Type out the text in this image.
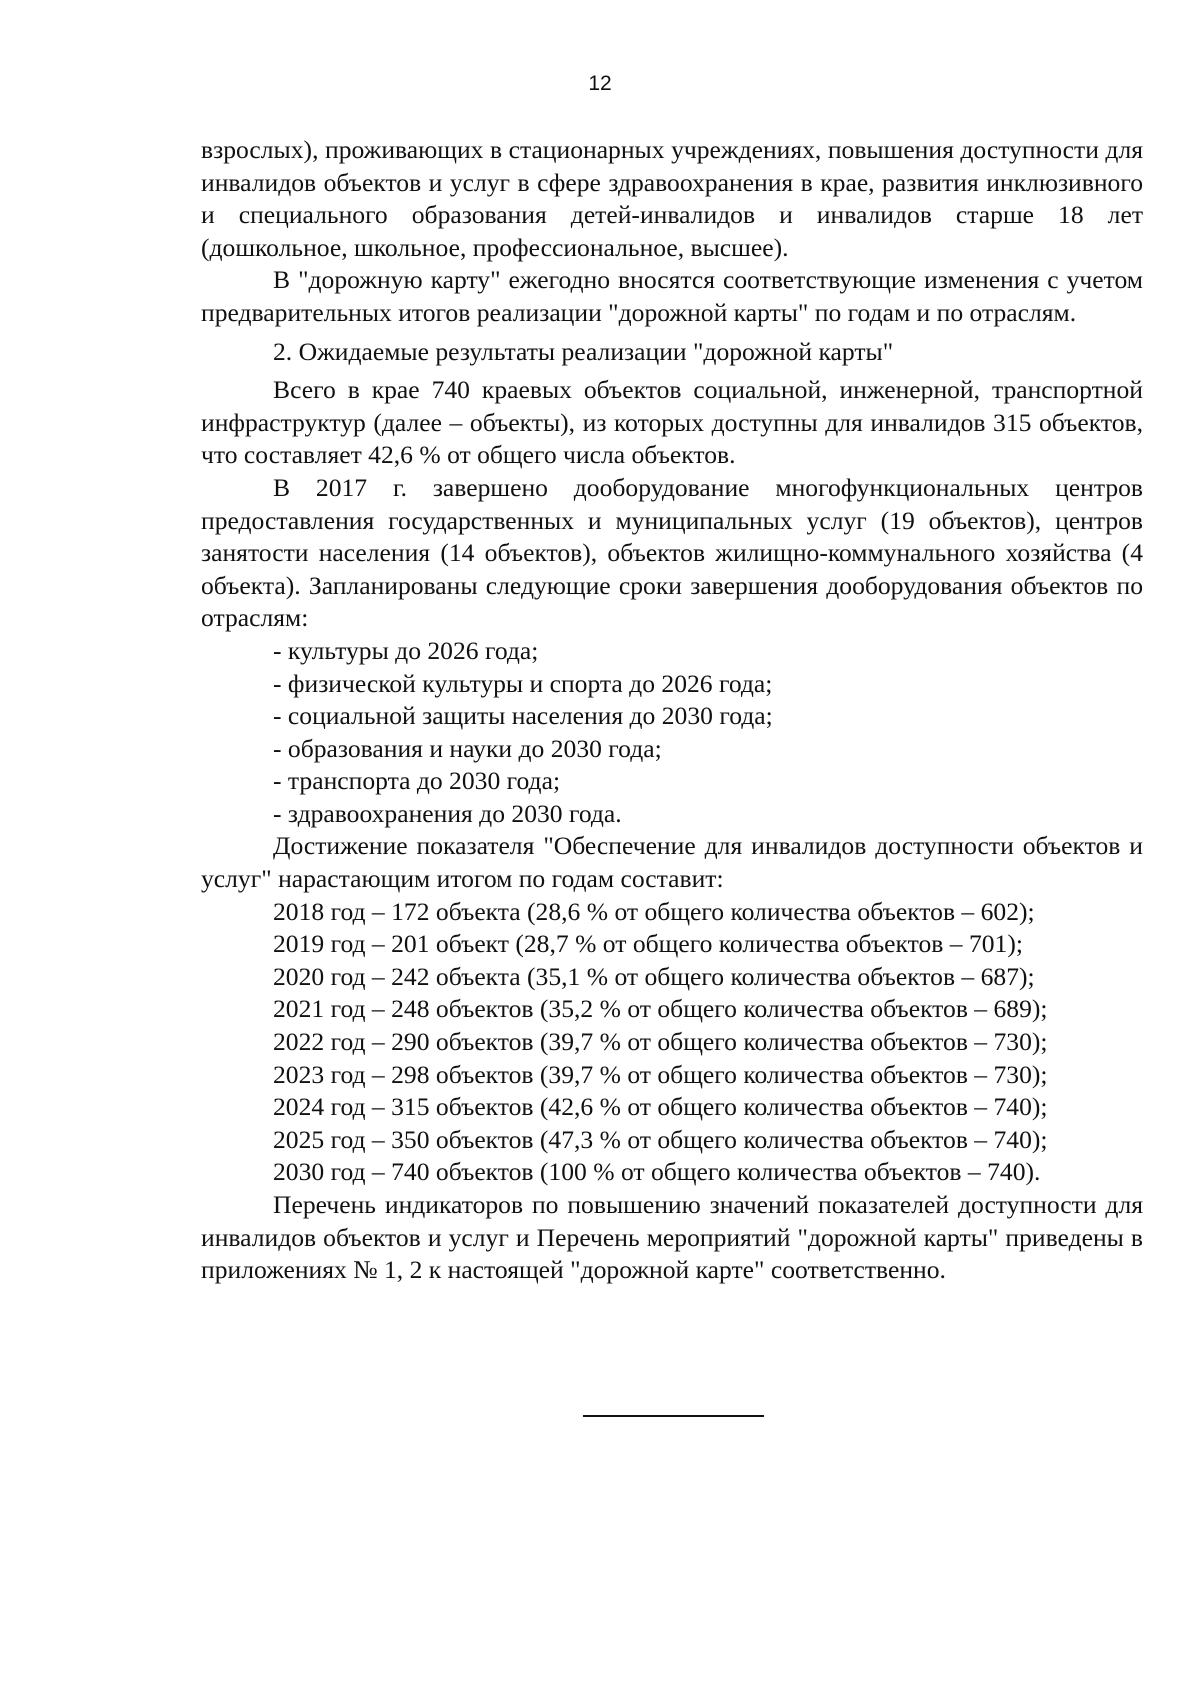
12

взрослых), проживающих в стационарных учреждениях, повышения доступности для инвалидов объектов и услуг в сфере здравоохранения в крае, развития инклюзивного и специального образования детей-инвалидов и инвалидов старше 18 лет (дошкольное, школьное, профессиональное, высшее).

В "дорожную карту" ежегодно вносятся соответствующие изменения с учетом предварительных итогов реализации "дорожной карты" по годам и по отраслям.

2. Ожидаемые результаты реализации "дорожной карты"

Всего в крае 740 краевых объектов социальной, инженерной, транспортной инфраструктур (далее – объекты), из которых доступны для инвалидов 315 объектов, что составляет 42,6 % от общего числа объектов.

В 2017 г. завершено дооборудование многофункциональных центров предоставления государственных и муниципальных услуг (19 объектов), центров занятости населения (14 объектов), объектов жилищно-коммунального хозяйства (4 объекта). Запланированы следующие сроки завершения дооборудования объектов по отраслям:

- культуры до 2026 года;

- физической культуры и спорта до 2026 года;

- социальной защиты населения до 2030 года;

- образования и науки до 2030 года;

- транспорта до 2030 года;

- здравоохранения до 2030 года.

Достижение показателя "Обеспечение для инвалидов доступности объектов и услуг" нарастающим итогом по годам составит:

2018 год – 172 объекта (28,6 % от общего количества объектов – 602);

2019 год – 201 объект (28,7 % от общего количества объектов – 701);

2020 год – 242 объекта (35,1 % от общего количества объектов – 687);

2021 год – 248 объектов (35,2 % от общего количества объектов – 689);

2022 год – 290 объектов (39,7 % от общего количества объектов – 730);

2023 год – 298 объектов (39,7 % от общего количества объектов – 730);

2024 год – 315 объектов (42,6 % от общего количества объектов – 740);

2025 год – 350 объектов (47,3 % от общего количества объектов – 740);

2030 год – 740 объектов (100 % от общего количества объектов – 740).

Перечень индикаторов по повышению значений показателей доступности для инвалидов объектов и услуг и Перечень мероприятий "дорожной карты" приведены в приложениях № 1, 2 к настоящей "дорожной карте" соответственно.
